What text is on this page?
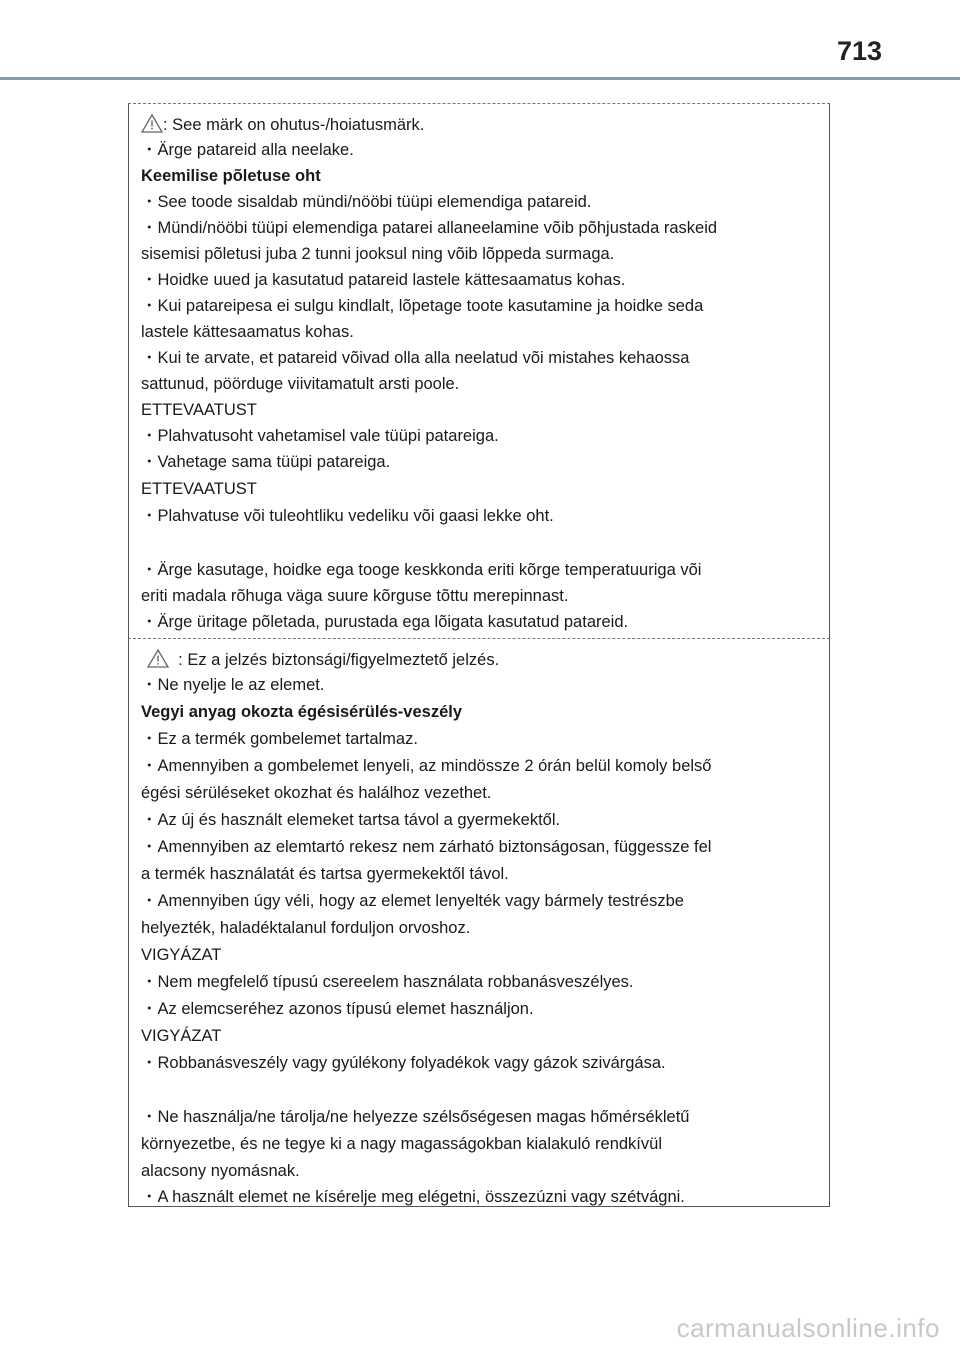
713
: See märk on ohutus-/hoiatusmärk.
・Ärge patareid alla neelake.
Keemilise põletuse oht
・See toode sisaldab mündi/nööbi tüüpi elemendiga patareid.
・Mündi/nööbi tüüpi elemendiga patarei allaneelamine võib põhjustada raskeid
sisemisi põletusi juba 2 tunni jooksul ning võib lõppeda surmaga.
・Hoidke uued ja kasutatud patareid lastele kättesaamatus kohas.
・Kui patareipesa ei sulgu kindlalt, lõpetage toote kasutamine ja hoidke seda
lastele kättesaamatus kohas.
・Kui te arvate, et patareid võivad olla alla neelatud või mistahes kehaossa
sattunud, pöörduge viivitamatult arsti poole.
ETTEVAATUST
・Plahvatusoht vahetamisel vale tüüpi patareiga.
・Vahetage sama tüüpi patareiga.
ETTEVAATUST
・Plahvatuse või tuleohtliku vedeliku või gaasi lekke oht.
・Ärge kasutage, hoidke ega tooge keskkonda eriti kõrge temperatuuriga või
eriti madala rõhuga väga suure kõrguse tõttu merepinnast.
・Ärge üritage põletada, purustada ega lõigata kasutatud patareid.
: Ez a jelzés biztonsági/figyelmeztető jelzés.
・Ne nyelje le az elemet.
Vegyi anyag okozta égésisérülés-veszély
・Ez a termék gombelemet tartalmaz.
・Amennyiben a gombelemet lenyeli, az mindössze 2 órán belül komoly belső
égési sérüléseket okozhat és halálhoz vezethet.
・Az új és használt elemeket tartsa távol a gyermekektől.
・Amennyiben az elemtartó rekesz nem zárható biztonságosan, függessze fel
a termék használatát és tartsa gyermekektől távol.
・Amennyiben úgy véli, hogy az elemet lenyelték vagy bármely testrészbe
helyezték, haladéktalanul forduljon orvoshoz.
VIGYÁZAT
・Nem megfelelő típusú csereelem használata robbanásveszélyes.
・Az elemcseréhez azonos típusú elemet használjon.
VIGYÁZAT
・Robbanásveszély vagy gyúlékony folyadékok vagy gázok szivárgása.
・Ne használja/ne tárolja/ne helyezze szélsőségesen magas hőmérsékletű
környezetbe, és ne tegye ki a nagy magasságokban kialakuló rendkívül
alacsony nyomásnak.
・A használt elemet ne kísérelje meg elégetni, összezúzni vagy szétvágni.
carmanualsonline.info
